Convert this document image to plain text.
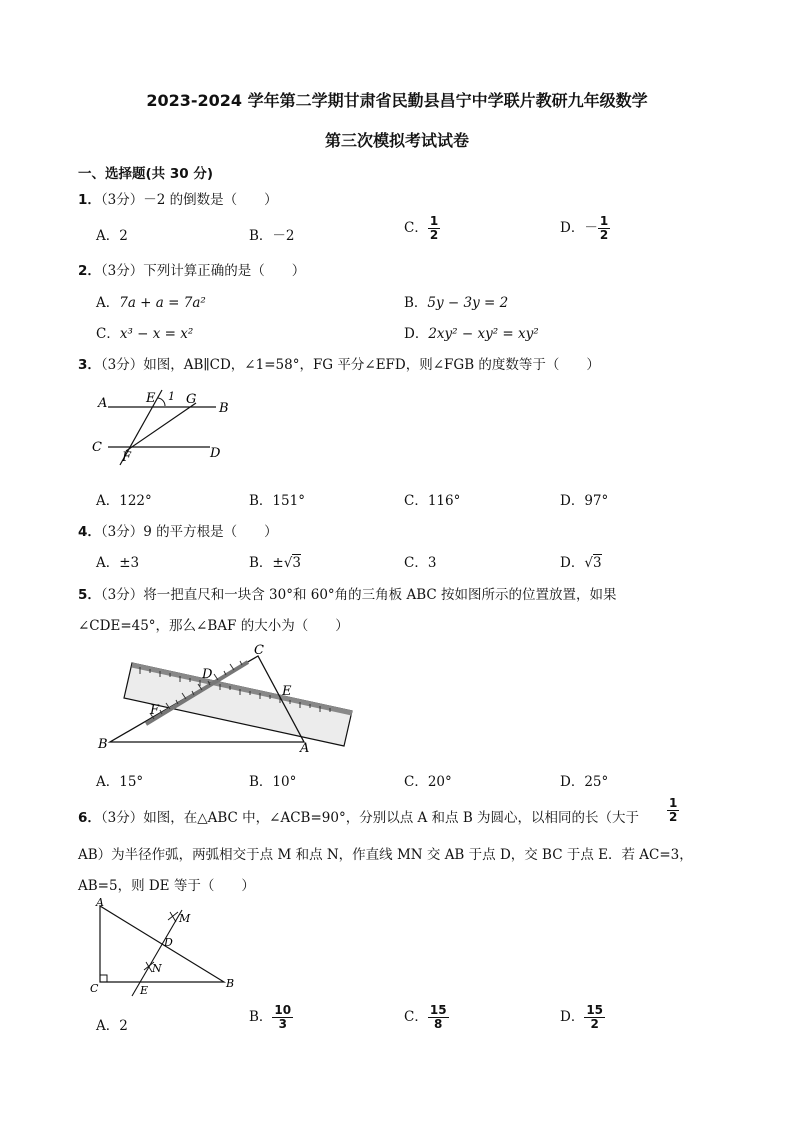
2023-2024 学年第二学期甘肃省民勤县昌宁中学联片教研九年级数学
第三次模拟考试试卷
一、选择题(共 30 分)
1．（3分）－2 的倒数是（　　）
A．2	B．－2	C． $\frac{1}{2}$	D．－ $\frac{1}{2}$
2．（3分）下列计算正确的是（　　）
A．7a + a = 7a²	B．5y − 3y = 2
C．x³ − x = x²	D．2xy² − xy² = xy²
3．（3分）如图，AB∥CD，∠1=58°，FG 平分∠EFD，则∠FGB 的度数等于（　　）
A	B
C	D
E
F
G
1
A．122°	B．151°	C．116°	D．97°
4．（3分）9 的平方根是（　　）
A．±3	B．±√3	C．3	D．√3
5．（3分）将一把直尺和一块含 30°和 60°角的三角板 ABC 按如图所示的位置放置，如果
∠CDE=45°，那么∠BAF 的大小为（　　）
B	A
C
D
E
F
A．15°	B．10°	C．20°	D．25°
6．（3分）如图，在△ABC 中，∠ACB=90°，分别以点 A 和点 B 为圆心，以相同的长（大于 $\frac{1}{2}$
AB）为半径作弧，两弧相交于点 M 和点 N，作直线 MN 交 AB 于点 D，交 BC 于点 E．若 AC=3，
AB=5，则 DE 等于（　　）
A
B
C
D
E
M
N
A．2
B． $\frac{10}{3}$	C． $\frac{15}{8}$	D． $\frac{15}{2}$
